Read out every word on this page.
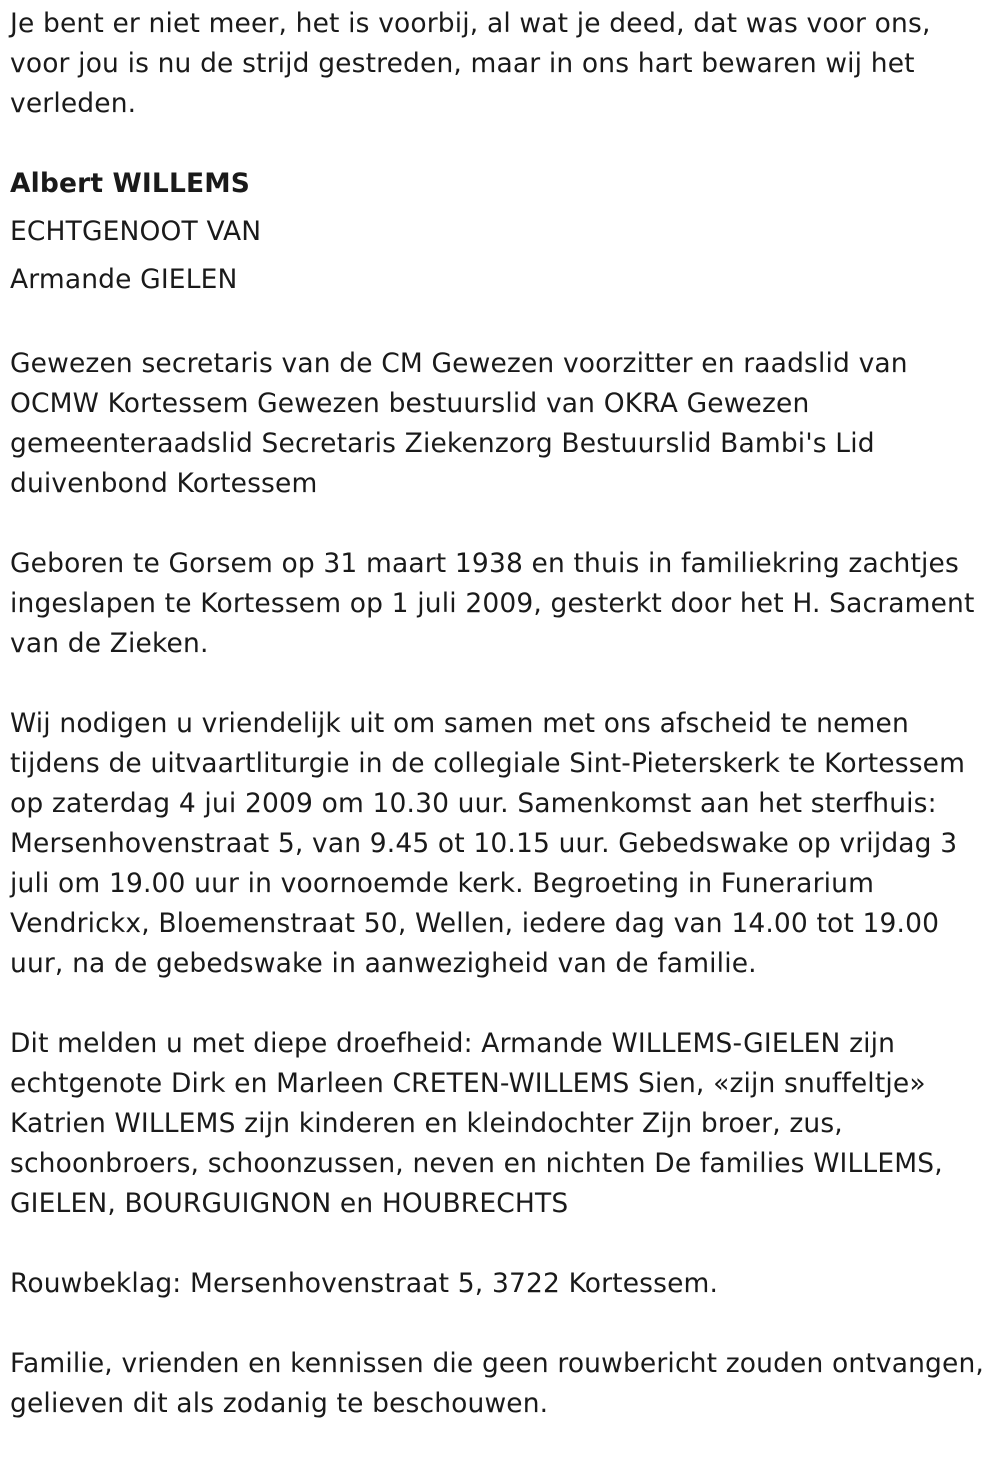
Je bent er niet meer, het is voorbij, al wat je deed, dat was voor ons, voor jou is nu de strijd gestreden, maar in ons hart bewaren wij het verleden.

Albert WILLEMS
ECHTGENOOT VAN
Armande GIELEN

Gewezen secretaris van de CM Gewezen voorzitter en raadslid van OCMW Kortessem Gewezen bestuurslid van OKRA Gewezen gemeenteraadslid Secretaris Ziekenzorg Bestuurslid Bambi's Lid duivenbond Kortessem

Geboren te Gorsem op 31 maart 1938 en thuis in familiekring zachtjes ingeslapen te Kortessem op 1 juli 2009, gesterkt door het H. Sacrament van de Zieken.

Wij nodigen u vriendelijk uit om samen met ons afscheid te nemen tijdens de uitvaartliturgie in de collegiale Sint-Pieterskerk te Kortessem op zaterdag 4 jui 2009 om 10.30 uur. Samenkomst aan het sterfhuis: Mersenhovenstraat 5, van 9.45 ot 10.15 uur. Gebedswake op vrijdag 3 juli om 19.00 uur in voornoemde kerk. Begroeting in Funerarium Vendrickx, Bloemenstraat 50, Wellen, iedere dag van 14.00 tot 19.00 uur, na de gebedswake in aanwezigheid van de familie.

Dit melden u met diepe droefheid: Armande WILLEMS-GIELEN zijn echtgenote Dirk en Marleen CRETEN-WILLEMS Sien, «zijn snuffeltje» Katrien WILLEMS zijn kinderen en kleindochter Zijn broer, zus, schoonbroers, schoonzussen, neven en nichten De families WILLEMS, GIELEN, BOURGUIGNON en HOUBRECHTS

Rouwbeklag: Mersenhovenstraat 5, 3722 Kortessem.

Familie, vrienden en kennissen die geen rouwbericht zouden ontvangen, gelieven dit als zodanig te beschouwen.
